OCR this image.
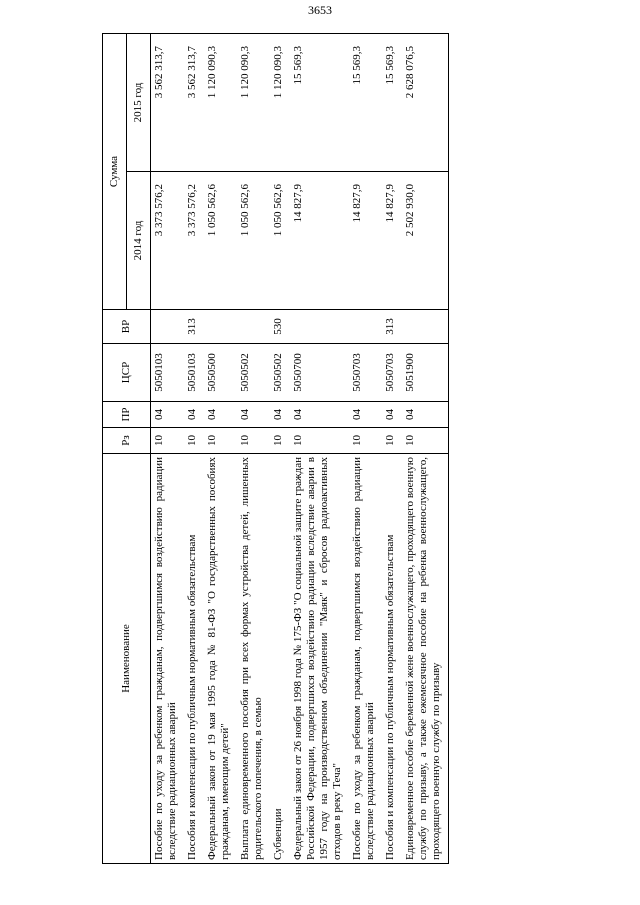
3653
Наименование	Рз	ПР	ЦСР	ВР	Сумма	
					2014 год	2015 год
Пособие по уходу за ребенком гражданам, подвергшимся воздействию радиации вследствие радиационных аварий	10	04	5050103		3 373 576,2	3 562 313,7
Пособия и компенсации по публичным нормативным обязательствам	10	04	5050103	313	3 373 576,2	3 562 313,7
Федеральный закон от 19 мая 1995 года № 81-ФЗ "О государственных пособиях гражданам, имеющим детей"	10	04	5050500		1 050 562,6	1 120 090,3
Выплата единовременного пособия при всех формах устройства детей, лишенных родительского попечения, в семью	10	04	5050502		1 050 562,6	1 120 090,3
Субвенции	10	04	5050502	530	1 050 562,6	1 120 090,3
Федеральный закон от 26 ноября 1998 года № 175-ФЗ "О социальной защите граждан Российской Федерации, подвергшихся воздействию радиации вследствие аварии в 1957 году на производственном объединении "Маяк" и сбросов радиоактивных отходов в реку Теча"	10	04	5050700		14 827,9	15 569,3
Пособие по уходу за ребенком гражданам, подвергшимся воздействию радиации вследствие радиационных аварий	10	04	5050703		14 827,9	15 569,3
Пособия и компенсации по публичным нормативным обязательствам	10	04	5050703	313	14 827,9	15 569,3
Единовременное пособие беременной жене военнослужащего, проходящего военную службу по призыву, а также ежемесячное пособие на ребенка военнослужащего, проходящего военную службу по призыву	10	04	5051900		2 502 930,0	2 628 076,5
